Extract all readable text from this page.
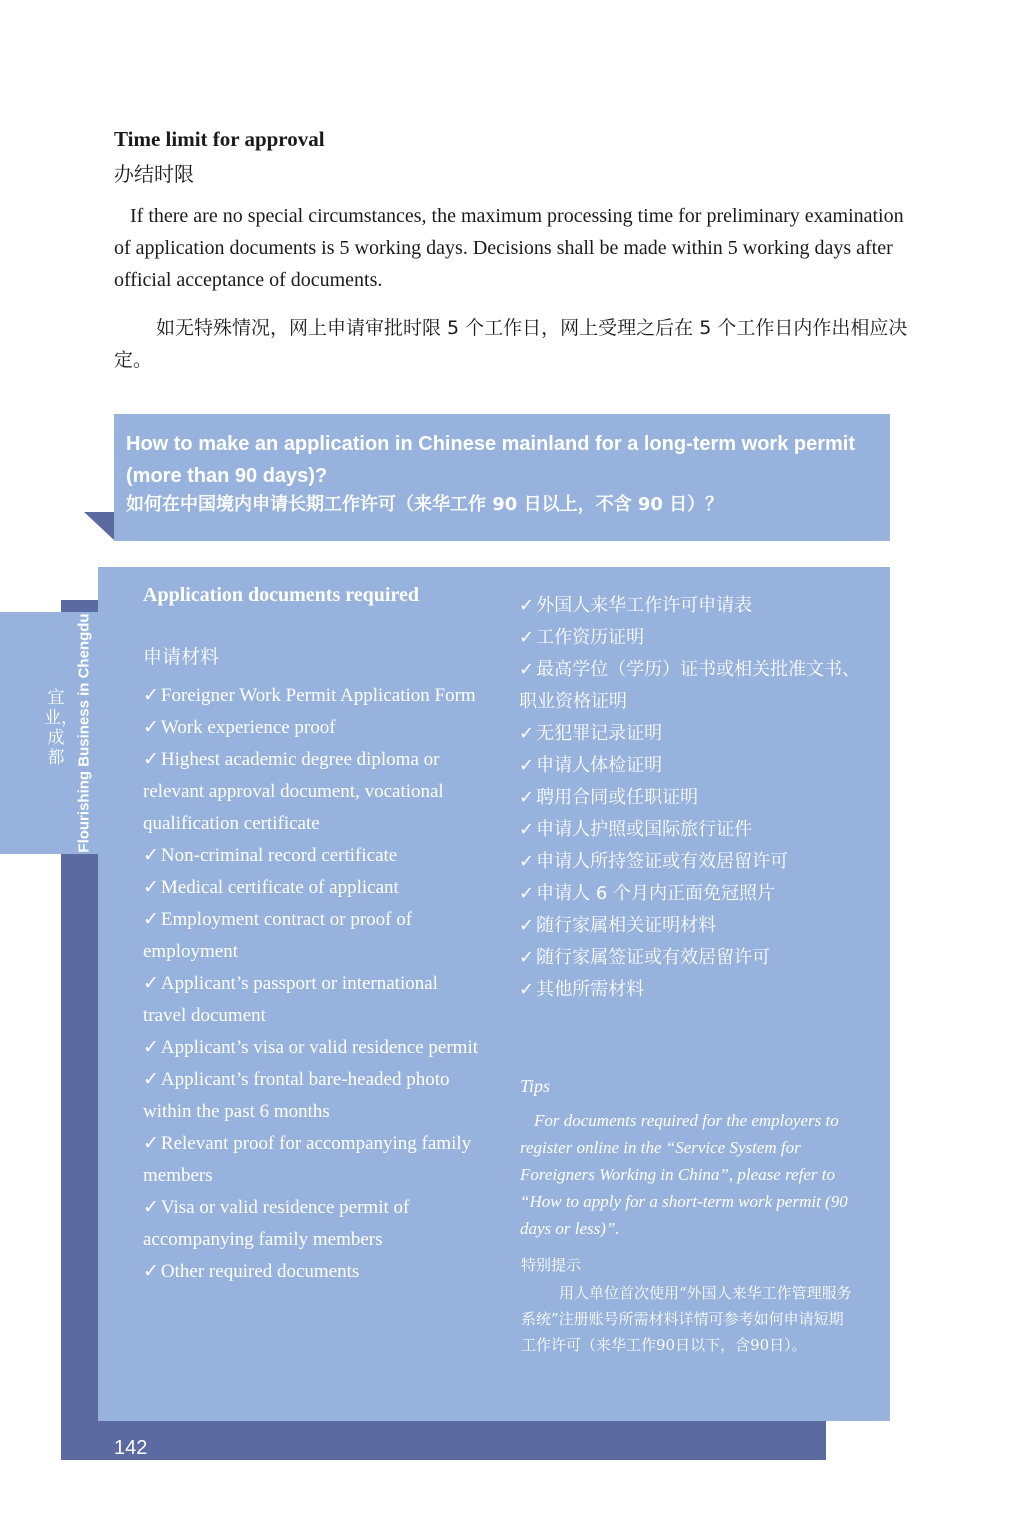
Time limit for approval
办结时限
If there are no special circumstances, the maximum processing time for preliminary examination of application documents is 5 working days. Decisions shall be made within 5 working days after official acceptance of documents.
如无特殊情况，网上申请审批时限 5 个工作日，网上受理之后在 5 个工作日内作出相应决定。
How to make an application in Chinese mainland for a long-term work permit (more than 90 days)?
如何在中国境内申请长期工作许可（来华工作 90 日以上，不含 90 日）？
Flourishing Business in Chengdu
宜业，成都
Application documents required
申请材料
✓ Foreigner Work Permit Application Form
✓ Work experience proof
✓ Highest academic degree diploma or relevant approval document, vocational qualification certificate
✓ Non-criminal record certificate
✓ Medical certificate of applicant
✓ Employment contract or proof of employment
✓ Applicant’s passport or international travel document
✓ Applicant’s visa or valid residence permit
✓ Applicant’s frontal bare-headed photo within the past 6 months
✓ Relevant proof for accompanying family members
✓ Visa or valid residence permit of accompanying family members
✓ Other required documents
✓ 外国人来华工作许可申请表
✓ 工作资历证明
✓ 最高学位（学历）证书或相关批准文书、职业资格证明
✓ 无犯罪记录证明
✓ 申请人体检证明
✓ 聘用合同或任职证明
✓ 申请人护照或国际旅行证件
✓ 申请人所持签证或有效居留许可
✓ 申请人 6 个月内正面免冠照片
✓ 随行家属相关证明材料
✓ 随行家属签证或有效居留许可
✓ 其他所需材料
Tips
For documents required for the employers to register online in the “Service System for Foreigners Working in China”, please refer to “How to apply for a short-term work permit (90 days or less)”.
特别提示
用人单位首次使用“外国人来华工作管理服务系统”注册账号所需材料详情可参考如何申请短期工作许可（来华工作90日以下，含90日）。
142
